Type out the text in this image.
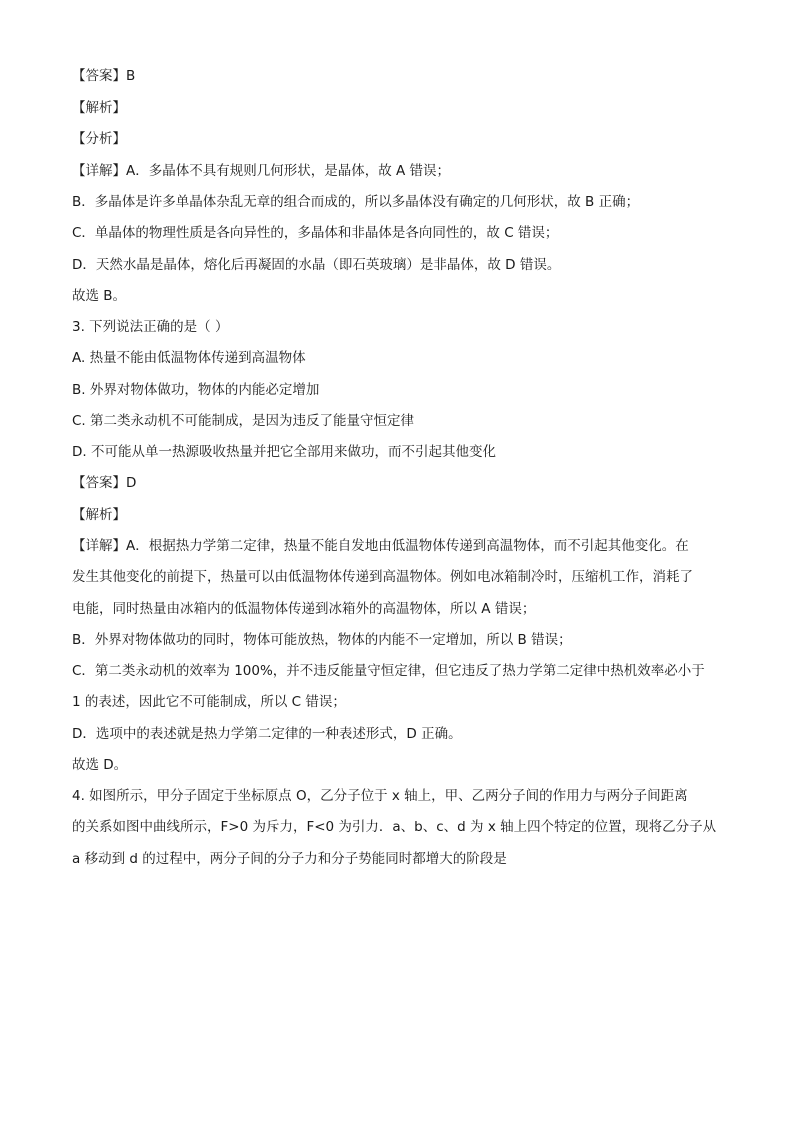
【答案】B
【解析】
【分析】
【详解】A．多晶体不具有规则几何形状，是晶体，故 A 错误；
B．多晶体是许多单晶体杂乱无章的组合而成的，所以多晶体没有确定的几何形状，故 B 正确；
C．单晶体的物理性质是各向异性的，多晶体和非晶体是各向同性的，故 C 错误；
D．天然水晶是晶体，熔化后再凝固的水晶（即石英玻璃）是非晶体，故 D 错误。
故选 B。
3. 下列说法正确的是（ ）
A. 热量不能由低温物体传递到高温物体
B. 外界对物体做功，物体的内能必定增加
C. 第二类永动机不可能制成，是因为违反了能量守恒定律
D. 不可能从单一热源吸收热量并把它全部用来做功，而不引起其他变化
【答案】D
【解析】
【详解】A．根据热力学第二定律，热量不能自发地由低温物体传递到高温物体，而不引起其他变化。在
发生其他变化的前提下，热量可以由低温物体传递到高温物体。例如电冰箱制冷时，压缩机工作，消耗了
电能，同时热量由冰箱内的低温物体传递到冰箱外的高温物体，所以 A 错误；
B．外界对物体做功的同时，物体可能放热，物体的内能不一定增加，所以 B 错误；
C．第二类永动机的效率为 100%，并不违反能量守恒定律，但它违反了热力学第二定律中热机效率必小于
1 的表述，因此它不可能制成，所以 C 错误；
D．选项中的表述就是热力学第二定律的一种表述形式，D 正确。
故选 D。
4. 如图所示，甲分子固定于坐标原点 O，乙分子位于 x 轴上，甲、乙两分子间的作用力与两分子间距离
的关系如图中曲线所示，F>0 为斥力，F<0 为引力．a、b、c、d 为 x 轴上四个特定的位置，现将乙分子从
a 移动到 d 的过程中，两分子间的分子力和分子势能同时都增大的阶段是
